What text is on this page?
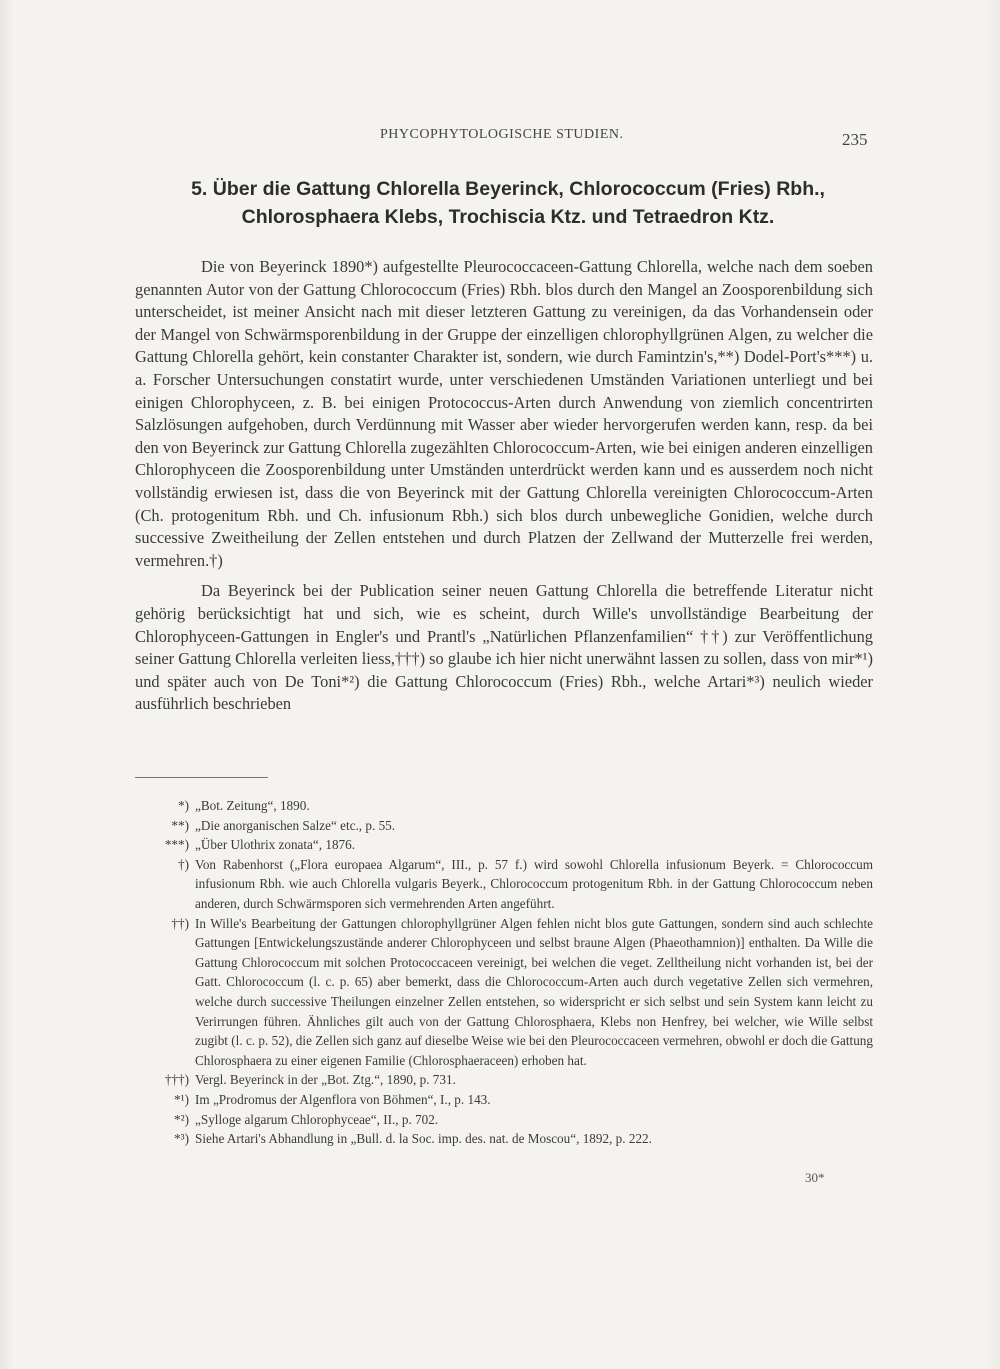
PHYCOPHYTOLOGISCHE STUDIEN.	235
5. Über die Gattung Chlorella Beyerinck, Chlorococcum (Fries) Rbh., Chlorosphaera Klebs, Trochiscia Ktz. und Tetraedron Ktz.

Die von Beyerinck 1890*) aufgestellte Pleurococcaceen-Gattung Chlorella, welche nach dem soeben genannten Autor von der Gattung Chlorococcum (Fries) Rbh. blos durch den Mangel an Zoosporenbildung sich unterscheidet, ist meiner Ansicht nach mit dieser letzteren Gattung zu vereinigen, da das Vorhandensein oder der Mangel von Schwärmsporenbildung in der Gruppe der einzelligen chlorophyllgrünen Algen, zu welcher die Gattung Chlorella gehört, kein constanter Charakter ist, sondern, wie durch Famintzin's,**) Dodel-Port's***) u. a. Forscher Untersuchungen constatirt wurde, unter verschiedenen Umständen Variationen unterliegt und bei einigen Chlorophyceen, z. B. bei einigen Protococcus-Arten durch Anwendung von ziemlich concentrirten Salzlösungen aufgehoben, durch Verdünnung mit Wasser aber wieder hervorgerufen werden kann, resp. da bei den von Beyerinck zur Gattung Chlorella zugezählten Chlorococcum-Arten, wie bei einigen anderen einzelligen Chlorophyceen die Zoosporenbildung unter Umständen unterdrückt werden kann und es ausserdem noch nicht vollständig erwiesen ist, dass die von Beyerinck mit der Gattung Chlorella vereinigten Chlorococcum-Arten (Ch. protogenitum Rbh. und Ch. infusionum Rbh.) sich blos durch unbewegliche Gonidien, welche durch successive Zweitheilung der Zellen entstehen und durch Platzen der Zellwand der Mutterzelle frei werden, vermehren.†)

Da Beyerinck bei der Publication seiner neuen Gattung Chlorella die betreffende Literatur nicht gehörig berücksichtigt hat und sich, wie es scheint, durch Wille's unvollständige Bearbeitung der Chlorophyceen-Gattungen in Engler's und Prantl's „Natürlichen Pflanzenfamilien“ ††) zur Veröffentlichung seiner Gattung Chlorella verleiten liess,†††) so glaube ich hier nicht unerwähnt lassen zu sollen, dass von mir*¹) und später auch von De Toni*²) die Gattung Chlorococcum (Fries) Rbh., welche Artari*³) neulich wieder ausführlich beschrieben

*) „Bot. Zeitung“, 1890.
**) „Die anorganischen Salze“ etc., p. 55.
***) „Über Ulothrix zonata“, 1876.
†) Von Rabenhorst („Flora europaea Algarum“, III., p. 57 f.) wird sowohl Chlorella infusionum Beyerk. = Chlorococcum infusionum Rbh. wie auch Chlorella vulgaris Beyerk., Chlorococcum protogenitum Rbh. in der Gattung Chlorococcum neben anderen, durch Schwärmsporen sich vermehrenden Arten angeführt.
††) In Wille's Bearbeitung der Gattungen chlorophyllgrüner Algen fehlen nicht blos gute Gattungen, sondern sind auch schlechte Gattungen [Entwickelungszustände anderer Chlorophyceen und selbst braune Algen (Phaeothamnion)] enthalten. Da Wille die Gattung Chlorococcum mit solchen Protococcaceen vereinigt, bei welchen die veget. Zelltheilung nicht vorhanden ist, bei der Gatt. Chlorococcum (l. c. p. 65) aber bemerkt, dass die Chlorococcum-Arten auch durch vegetative Zellen sich vermehren, welche durch successive Theilungen einzelner Zellen entstehen, so widerspricht er sich selbst und sein System kann leicht zu Verirrungen führen. Ähnliches gilt auch von der Gattung Chlorosphaera, Klebs non Henfrey, bei welcher, wie Wille selbst zugibt (l. c. p. 52), die Zellen sich ganz auf dieselbe Weise wie bei den Pleurococcaceen vermehren, obwohl er doch die Gattung Chlorosphaera zu einer eigenen Familie (Chlorosphaeraceen) erhoben hat.
†††) Vergl. Beyerinck in der „Bot. Ztg.“, 1890, p. 731.
*¹) Im „Prodromus der Algenflora von Böhmen“, I., p. 143.
*²) „Sylloge algarum Chlorophyceae“, II., p. 702.
*³) Siehe Artari's Abhandlung in „Bull. d. la Soc. imp. des. nat. de Moscou“, 1892, p. 222.
30*
